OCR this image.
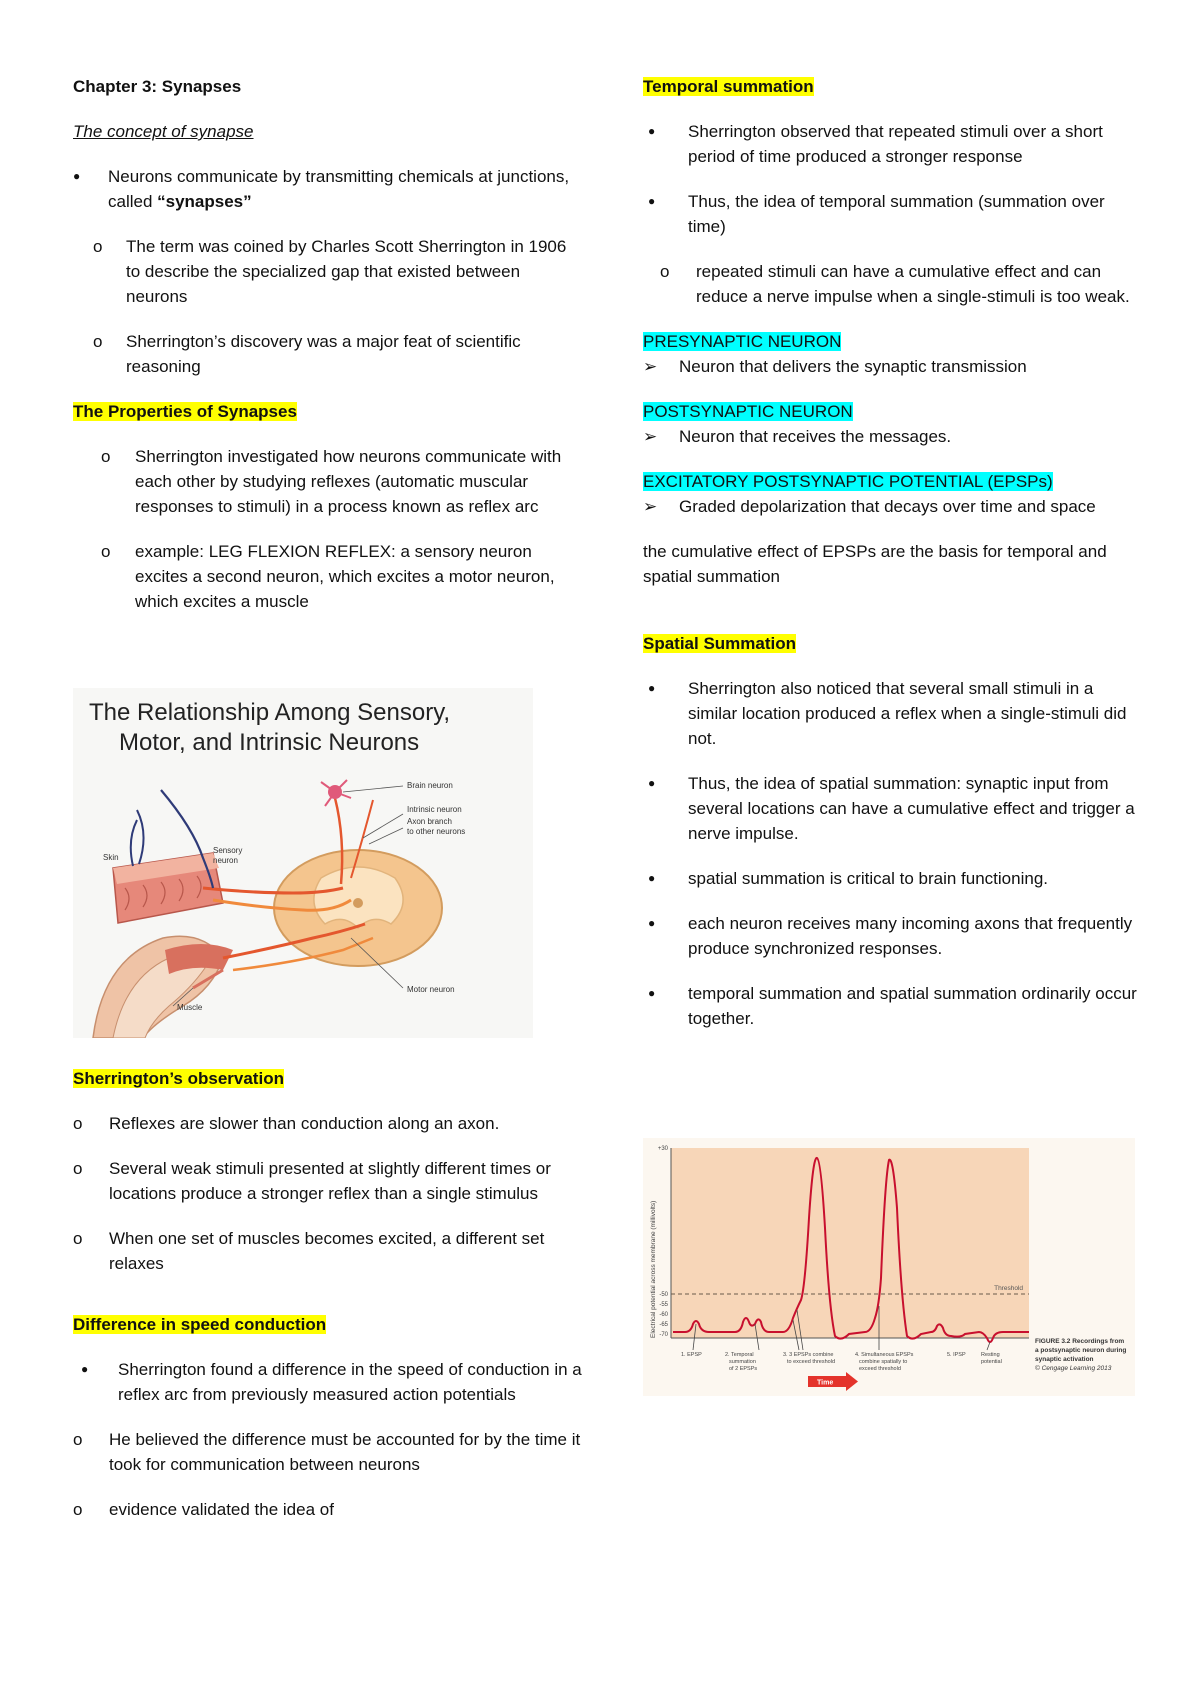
Chapter 3: Synapses

The concept of synapse

●	Neurons communicate by transmitting chemicals at junctions, called “synapses”
o	The term was coined by Charles Scott Sherrington in 1906 to describe the specialized gap that existed between neurons
o	Sherrington’s discovery was a major feat of scientific reasoning

The Properties of Synapses

o	Sherrington investigated how neurons communicate with each other by studying reflexes (automatic muscular responses to stimuli) in a process known as reflex arc
o	example: LEG FLEXION REFLEX: a sensory neuron excites a second neuron, which excites a motor neuron, which excites a muscle
The Relationship Among Sensory,
Motor, and Intrinsic Neurons
Brain neuron
Intrinsic neuron
Axon branch
to other neurons
Skin
Sensory
neuron
Motor neuron
Muscle

Sherrington’s observation

o	Reflexes are slower than conduction along an axon.
o	Several weak stimuli presented at slightly different times or locations produce a stronger reflex than a single stimulus
o	When one set of muscles becomes excited, a different set relaxes

Difference in speed conduction

●	Sherrington found a difference in the speed of conduction in a reflex arc from previously measured action potentials
o	He believed the difference must be accounted for by the time it took for communication between neurons
o	evidence validated the idea of

Temporal summation

●	Sherrington observed that repeated stimuli over a short period of time produced a stronger response
●	Thus, the idea of temporal summation (summation over time)
o	repeated stimuli can have a cumulative effect and can reduce a nerve impulse when a single-stimuli is too weak.

PRESYNAPTIC NEURON

➢	Neuron that delivers the synaptic transmission

POSTSYNAPTIC NEURON

➢	Neuron that receives the messages.

EXCITATORY POSTSYNAPTIC POTENTIAL (EPSPs)

➢	Graded depolarization that decays over time and space

the cumulative effect of EPSPs are the basis for temporal and spatial summation

Spatial Summation

●	Sherrington also noticed that several small stimuli in a similar location produced a reflex when a single-stimuli did not.
●	Thus, the idea of spatial summation: synaptic input from several locations can have a cumulative effect and trigger a nerve impulse.
●	spatial summation is critical to brain functioning.
●	each neuron receives many incoming axons that frequently produce synchronized responses.
●	temporal summation and spatial summation ordinarily occur together.
Electrical potential across membrane (millivolts)
+30
-50
-55
-60
-65
-70
Threshold
1. EPSP	2. Temporal
summation
of 2 EPSPs
3. 3 EPSPs combine
to exceed threshold
4. Simultaneous EPSPs
combine spatially to
exceed threshold
5. IPSP	Resting
potential
Time
FIGURE 3.2 Recordings from
a postsynaptic neuron during
synaptic activation
© Cengage Learning 2013
